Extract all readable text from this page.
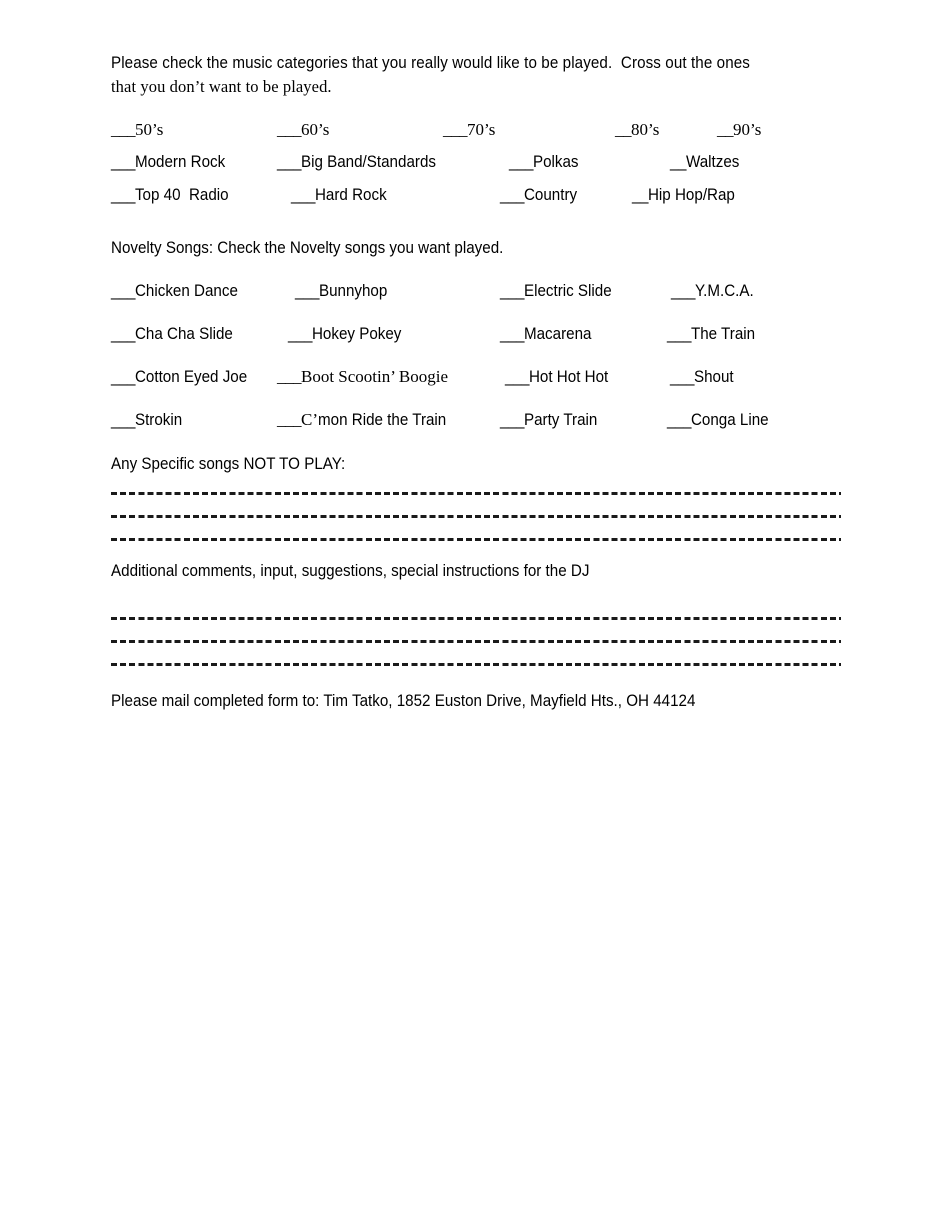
Please check the music categories that you really would like to be played.  Cross out the ones
that you don’t want to be played.
___50’s	___60’s	___70’s	__80’s	__90’s
___Modern Rock	___Big Band/Standards	___Polkas	__Waltzes
___Top 40  Radio	___Hard Rock	___Country	__Hip Hop/Rap
Novelty Songs: Check the Novelty songs you want played.
___Chicken Dance	___Bunnyhop	___Electric Slide	___Y.M.C.A.
___Cha Cha Slide	___Hokey Pokey	___Macarena	___The Train
___Cotton Eyed Joe	___Boot Scootin’ Boogie	___Hot Hot Hot	___Shout
___Strokin	___C’mon Ride the Train	___Party Train	___Conga Line
Any Specific songs NOT TO PLAY:
Additional comments, input, suggestions, special instructions for the DJ
Please mail completed form to: Tim Tatko, 1852 Euston Drive, Mayfield Hts., OH 44124
